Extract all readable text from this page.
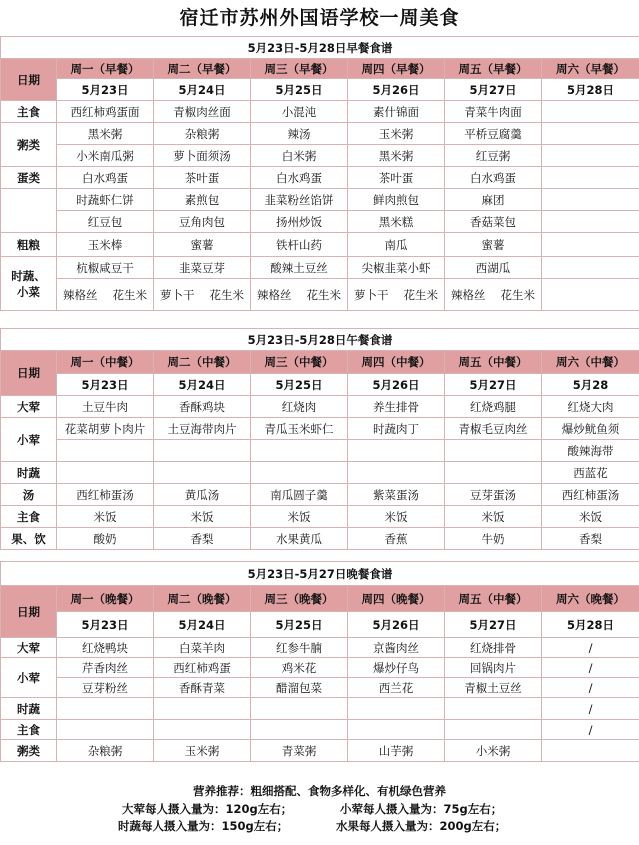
宿迁市苏州外国语学校一周美食
5月23日-5月28日早餐食谱						
日期	周一（早餐）	周二（早餐）	周三（早餐）	周四（早餐）	周五（早餐）	周六（早餐）
	5月23日	5月24日	5月25日	5月26日	5月27日	5月28日
主食	西红柿鸡蛋面	青椒肉丝面	小混沌	素什锦面	青菜牛肉面	
粥类	黑米粥	杂粮粥	辣汤	玉米粥	平桥豆腐羹	
	小米南瓜粥	萝卜面须汤	白米粥	黑米粥	红豆粥	
蛋类	白水鸡蛋	茶叶蛋	白水鸡蛋	茶叶蛋	白水鸡蛋	
	时蔬虾仁饼	素煎包	韭菜粉丝馅饼	鲜肉煎包	麻团	
	红豆包	豆角肉包	扬州炒饭	黑米糕	香菇菜包	
粗粮	玉米棒	蜜薯	铁杆山药	南瓜	蜜薯	

时蔬、
小菜	杭椒咸豆干	韭菜豆芽	酸辣土豆丝	尖椒韭菜小虾	西湖瓜	

	辣格丝 花生米	萝卜干 花生米	辣格丝 花生米	萝卜干 花生米	辣格丝 花生米	

5月23日-5月28日午餐食谱						
日期	周一（中餐）	周二（中餐）	周三（中餐）	周四（中餐）	周五（中餐）	周六（中餐）
	5月23日	5月24日	5月25日	5月26日	5月27日	5月28
大荤	土豆牛肉	香酥鸡块	红烧肉	养生排骨	红烧鸡腿	红烧大肉
小荤	花菜胡萝卜肉片	土豆海带肉片	青瓜玉米虾仁	时蔬肉丁	青椒毛豆肉丝	爆炒鱿鱼须
						酸辣海带
时蔬						西蓝花
汤	西红柿蛋汤	黄瓜汤	南瓜圆子羹	紫菜蛋汤	豆芽蛋汤	西红柿蛋汤
主食	米饭	米饭	米饭	米饭	米饭	米饭
果、饮	酸奶	香梨	水果黄瓜	香蕉	牛奶	香梨
5月23日-5月27日晚餐食谱						
日期	周一（晚餐）	周二（晚餐）	周三（晚餐）	周四（晚餐）	周五（中餐）	周六（晚餐）
	5月23日	5月24日	5月25日	5月26日	5月27日	5月28日
大荤	红烧鸭块	白菜羊肉	红参牛腩	京酱肉丝	红烧排骨	/
小荤	芹香肉丝	西红柿鸡蛋	鸡米花	爆炒仔鸟	回锅肉片	/
	豆芽粉丝	香酥青菜	醋溜包菜	西兰花	青椒土豆丝	/
时蔬						/
主食						/
粥类	杂粮粥	玉米粥	青菜粥	山芋粥	小米粥	
营养推荐：粗细搭配、食物多样化、有机绿色营养
大荤每人摄入量为：120g左右；	小荤每人摄入量为：75g左右；
时蔬每人摄入量为：150g左右；	水果每人摄入量为：200g左右；
